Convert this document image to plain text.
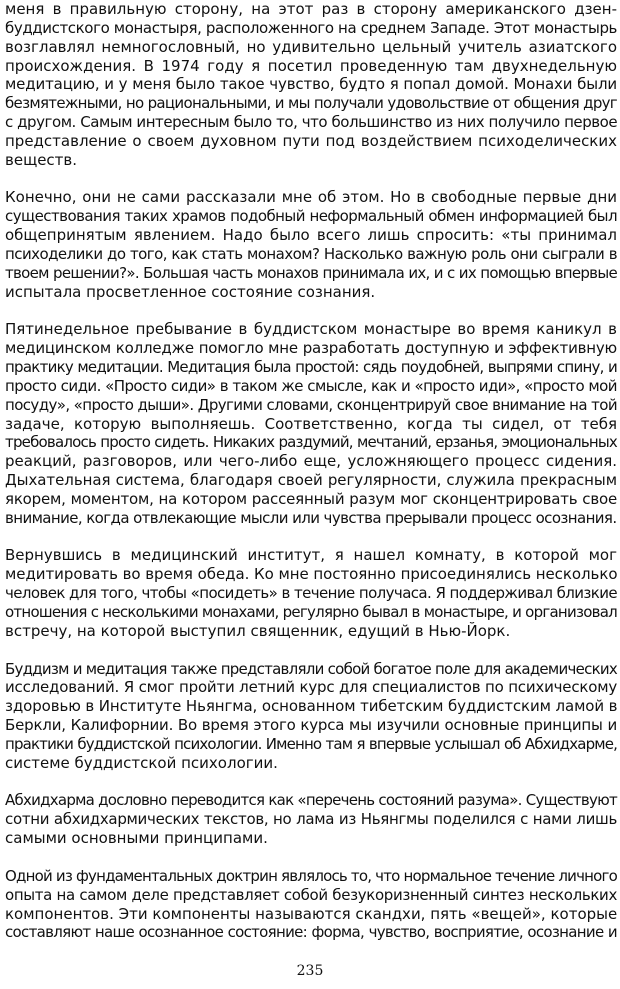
меня в правильную сторону, на этот раз в сторону американского дзен-
буддистского монастыря, расположенного на среднем Западе. Этот монастырь
возглавлял немногословный, но удивительно цельный учитель азиатского
происхождения. В 1974 году я посетил проведенную там двухнедельную
медитацию, и у меня было такое чувство, будто я попал домой. Монахи были
безмятежными, но рациональными, и мы получали удовольствие от общения друг
с другом. Самым интересным было то, что большинство из них получило первое
представление о своем духовном пути под воздействием психоделических
веществ.
Конечно, они не сами рассказали мне об этом. Но в свободные первые дни
существования таких храмов подобный неформальный обмен информацией был
общепринятым явлением. Надо было всего лишь спросить: «ты принимал
психоделики до того, как стать монахом? Насколько важную роль они сыграли в
твоем решении?». Большая часть монахов принимала их, и с их помощью впервые
испытала просветленное состояние сознания.
Пятинедельное пребывание в буддистском монастыре во время каникул в
медицинском колледже помогло мне разработать доступную и эффективную
практику медитации. Медитация была простой: сядь поудобней, выпрями спину, и
просто сиди. «Просто сиди» в таком же смысле, как и «просто иди», «просто мой
посуду», «просто дыши». Другими словами, сконцентрируй свое внимание на той
задаче, которую выполняешь. Соответственно, когда ты сидел, от тебя
требовалось просто сидеть. Никаких раздумий, мечтаний, ерзанья, эмоциональных
реакций, разговоров, или чего-либо еще, усложняющего процесс сидения.
Дыхательная система, благодаря своей регулярности, служила прекрасным
якорем, моментом, на котором рассеянный разум мог сконцентрировать свое
внимание, когда отвлекающие мысли или чувства прерывали процесс осознания.
Вернувшись в медицинский институт, я нашел комнату, в которой мог
медитировать во время обеда. Ко мне постоянно присоединялись несколько
человек для того, чтобы «посидеть» в течение получаса. Я поддерживал близкие
отношения с несколькими монахами, регулярно бывал в монастыре, и организовал
встречу, на которой выступил священник, едущий в Нью-Йорк.
Буддизм и медитация также представляли собой богатое поле для академических
исследований. Я смог пройти летний курс для специалистов по психическому
здоровью в Институте Ньянгма, основанном тибетским буддистским ламой в
Беркли, Калифорнии. Во время этого курса мы изучили основные принципы и
практики буддистской психологии. Именно там я впервые услышал об Абхидхарме,
системе буддистской психологии.
Абхидхарма дословно переводится как «перечень состояний разума». Существуют
сотни абхидхармических текстов, но лама из Ньянгмы поделился с нами лишь
самыми основными принципами.
Одной из фундаментальных доктрин являлось то, что нормальное течение личного
опыта на самом деле представляет собой безукоризненный синтез нескольких
компонентов. Эти компоненты называются скандхи, пять «вещей», которые
составляют наше осознанное состояние: форма, чувство, восприятие, осознание и
235
